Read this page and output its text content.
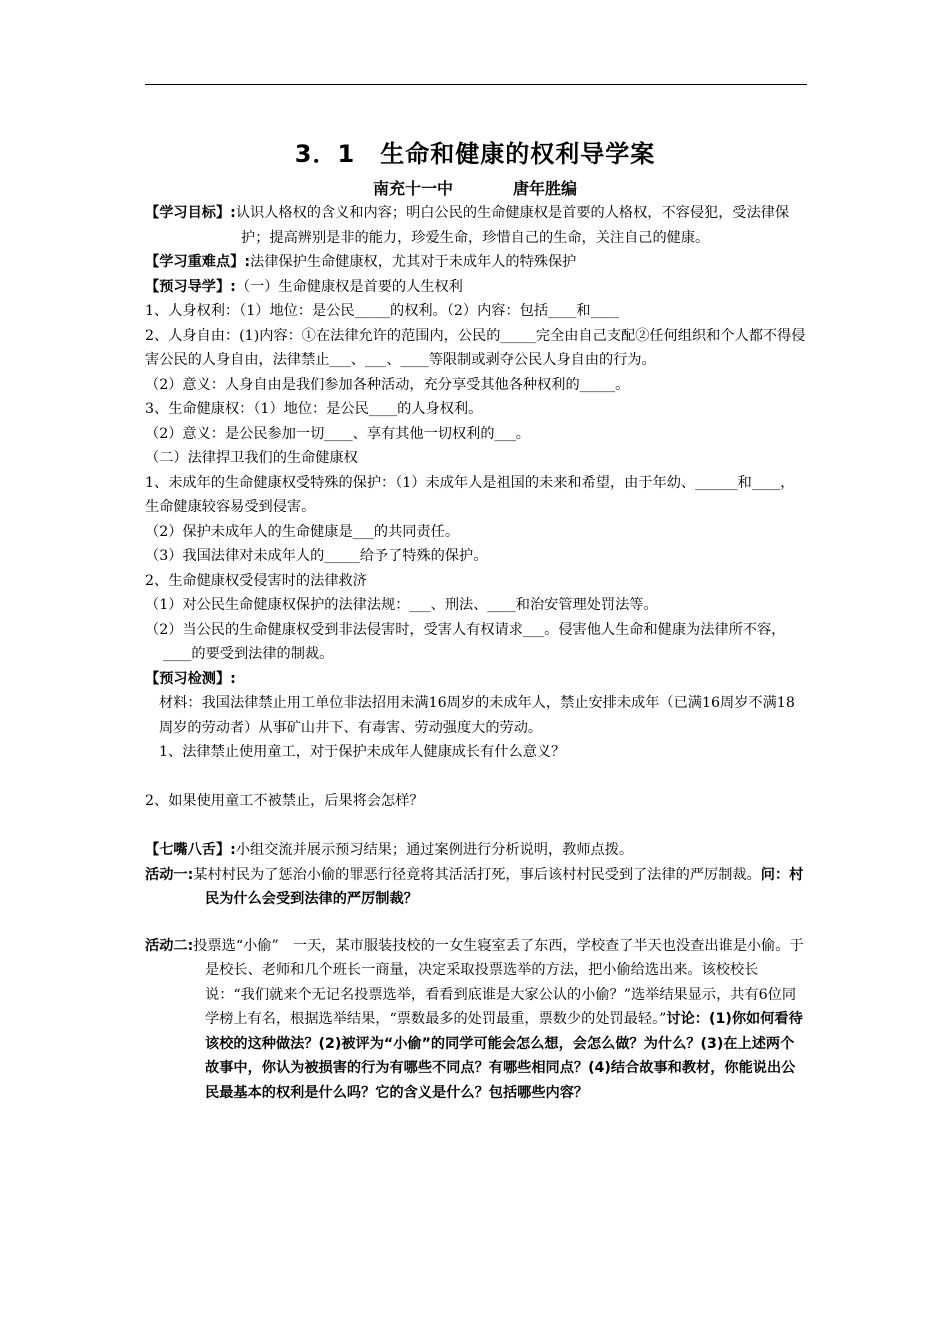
3．1　生命和健康的权利导学案
南充十一中	唐年胜编

【学习目标】:认识人格权的含义和内容；明白公民的生命健康权是首要的人格权，不容侵犯，受法律保护；提高辨别是非的能力，珍爱生命，珍惜自己的生命，关注自己的健康。

【学习重难点】:法律保护生命健康权，尤其对于未成年人的特殊保护

【预习导学】:（一）生命健康权是首要的人生权利

1、人身权利：（1）地位：是公民_____的权利。（2）内容：包括____和____

2、人身自由：(1)内容：①在法律允许的范围内，公民的_____完全由自己支配②任何组织和个人都不得侵害公民的人身自由，法律禁止___、___、____等限制或剥夺公民人身自由的行为。

（2）意义：人身自由是我们参加各种活动，充分享受其他各种权利的_____。

3、生命健康权：（1）地位：是公民____的人身权利。

（2）意义：是公民参加一切____、享有其他一切权利的___。

（二）法律捍卫我们的生命健康权

1、未成年的生命健康权受特殊的保护：（1）未成年人是祖国的未来和希望，由于年幼、______和____，生命健康较容易受到侵害。

（2）保护未成年人的生命健康是___的共同责任。

（3）我国法律对未成年人的_____给予了特殊的保护。

2、生命健康权受侵害时的法律救济

（1）对公民生命健康权保护的法律法规：___、刑法、____和治安管理处罚法等。

（2）当公民的生命健康权受到非法侵害时，受害人有权请求___。侵害他人生命和健康为法律所不容，____的要受到法律的制裁。

【预习检测】:

材料：我国法律禁止用工单位非法招用未满16周岁的未成年人，禁止安排未成年（已满16周岁不满18周岁的劳动者）从事矿山井下、有毒害、劳动强度大的劳动。

1、法律禁止使用童工，对于保护未成年人健康成长有什么意义？

2、如果使用童工不被禁止，后果将会怎样？

【七嘴八舌】:小组交流并展示预习结果；通过案例进行分析说明，教师点拨。

活动一:某村村民为了惩治小偷的罪恶行径竟将其活活打死，事后该村村民受到了法律的严厉制裁。问：村民为什么会受到法律的严厉制裁？

活动二:投票选“小偷”　一天，某市服装技校的一女生寝室丢了东西，学校查了半天也没查出谁是小偷。于是校长、老师和几个班长一商量，决定采取投票选举的方法，把小偷给选出来。该校校长说：“我们就来个无记名投票选举，看看到底谁是大家公认的小偷？”选举结果显示，共有6位同学榜上有名，根据选举结果，“票数最多的处罚最重，票数少的处罚最轻。”讨论：(1)你如何看待该校的这种做法？(2)被评为“小偷”的同学可能会怎么想，会怎么做？为什么？(3)在上述两个故事中，你认为被损害的行为有哪些不同点？有哪些相同点？(4)结合故事和教材，你能说出公民最基本的权利是什么吗？它的含义是什么？包括哪些内容？
